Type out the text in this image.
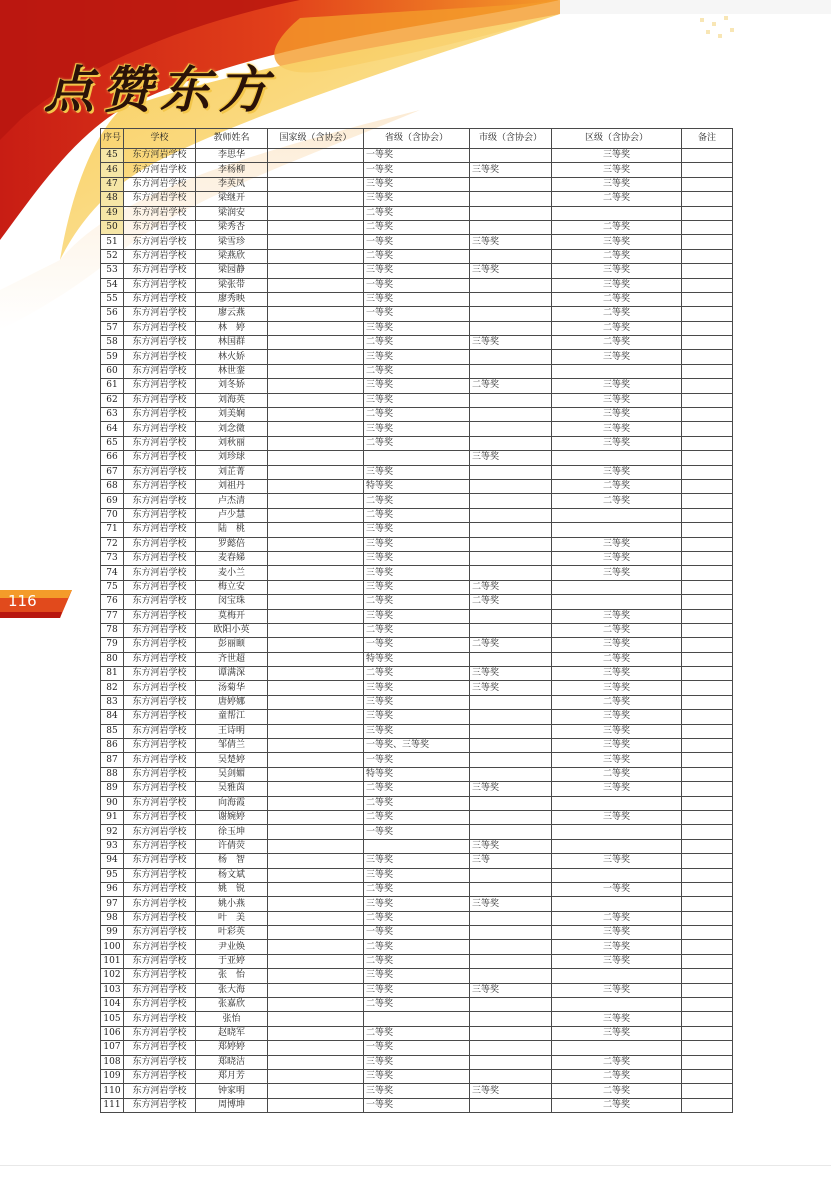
点赞东方
116
序号	学校	教师姓名	国家级（含协会）	省级（含协会）	市级（含协会）	区级（含协会）	备注
45	东方河岩学校	李思华		一等奖		三等奖	
46	东方河岩学校	李杨柳		一等奖	三等奖	三等奖	
47	东方河岩学校	李英凤		三等奖		三等奖	
48	东方河岩学校	梁继开		三等奖		二等奖	
49	东方河岩学校	梁润安		二等奖			
50	东方河岩学校	梁秀杏		二等奖		二等奖	
51	东方河岩学校	梁雪珍		一等奖	三等奖	三等奖	
52	东方河岩学校	梁燕欣		二等奖		二等奖	
53	东方河岩学校	梁园静		三等奖	三等奖	三等奖	
54	东方河岩学校	梁张带		一等奖		三等奖	
55	东方河岩学校	廖秀映		三等奖		二等奖	
56	东方河岩学校	廖云燕		一等奖		二等奖	
57	东方河岩学校	林　婷		三等奖		二等奖	
58	东方河岩学校	林国群		二等奖	三等奖	二等奖	
59	东方河岩学校	林火娇		三等奖		三等奖	
60	东方河岩学校	林世銮		二等奖			
61	东方河岩学校	刘冬娇		三等奖	二等奖	三等奖	
62	东方河岩学校	刘海英		三等奖		三等奖	
63	东方河岩学校	刘美娴		二等奖		三等奖	
64	东方河岩学校	刘念微		三等奖		三等奖	
65	东方河岩学校	刘秋丽		二等奖		三等奖	
66	东方河岩学校	刘珍球			三等奖		
67	东方河岩学校	刘芷菁		三等奖		三等奖	
68	东方河岩学校	刘祖丹		特等奖		二等奖	
69	东方河岩学校	卢杰清		二等奖		二等奖	
70	东方河岩学校	卢少慧		二等奖			
71	东方河岩学校	陆　桃		三等奖			
72	东方河岩学校	罗懿倍		三等奖		三等奖	
73	东方河岩学校	麦春娣		三等奖		三等奖	
74	东方河岩学校	麦小兰		三等奖		三等奖	
75	东方河岩学校	梅立安		三等奖	二等奖		
76	东方河岩学校	闵宝珠		二等奖	二等奖		
77	东方河岩学校	莫梅开		三等奖		三等奖	
78	东方河岩学校	欧阳小英		二等奖		二等奖	
79	东方河岩学校	彭丽颐		一等奖	二等奖	三等奖	
80	东方河岩学校	齐世超		特等奖		二等奖	
81	东方河岩学校	谭满深		二等奖	三等奖	三等奖	
82	东方河岩学校	汤菊华		三等奖	三等奖	三等奖	
83	东方河岩学校	唐婷娜		三等奖		二等奖	
84	东方河岩学校	童帮江		三等奖		三等奖	
85	东方河岩学校	王诗明		三等奖		三等奖	
86	东方河岩学校	邹倩兰		一等奖、三等奖		三等奖	
87	东方河岩学校	吴楚婷		一等奖		三等奖	
88	东方河岩学校	吴剑媚		特等奖		二等奖	
89	东方河岩学校	吴雅茵		二等奖	三等奖	三等奖	
90	东方河岩学校	向海霞		二等奖			
91	东方河岩学校	谢婉婷		二等奖		三等奖	
92	东方河岩学校	徐玉坤		一等奖			
93	东方河岩学校	许倩荧			三等奖		
94	东方河岩学校	杨　智		三等奖	三等	三等奖	
95	东方河岩学校	杨文斌		三等奖			
96	东方河岩学校	姚　锐		二等奖		一等奖	
97	东方河岩学校	姚小燕		三等奖	三等奖		
98	东方河岩学校	叶　美		二等奖		二等奖	
99	东方河岩学校	叶彩英		一等奖		三等奖	
100	东方河岩学校	尹业焕		二等奖		三等奖	
101	东方河岩学校	于亚婷		二等奖		三等奖	
102	东方河岩学校	张　怡		三等奖			
103	东方河岩学校	张大海		三等奖	三等奖	三等奖	
104	东方河岩学校	张嘉欣		二等奖			
105	东方河岩学校	张怡				三等奖	
106	东方河岩学校	赵晓军		二等奖		三等奖	
107	东方河岩学校	郑婷婷		一等奖			
108	东方河岩学校	郑晓洁		三等奖		二等奖	
109	东方河岩学校	郑月芳		三等奖		二等奖	
110	东方河岩学校	钟家明		三等奖	三等奖	二等奖	
111	东方河岩学校	周博坤		一等奖		二等奖	
